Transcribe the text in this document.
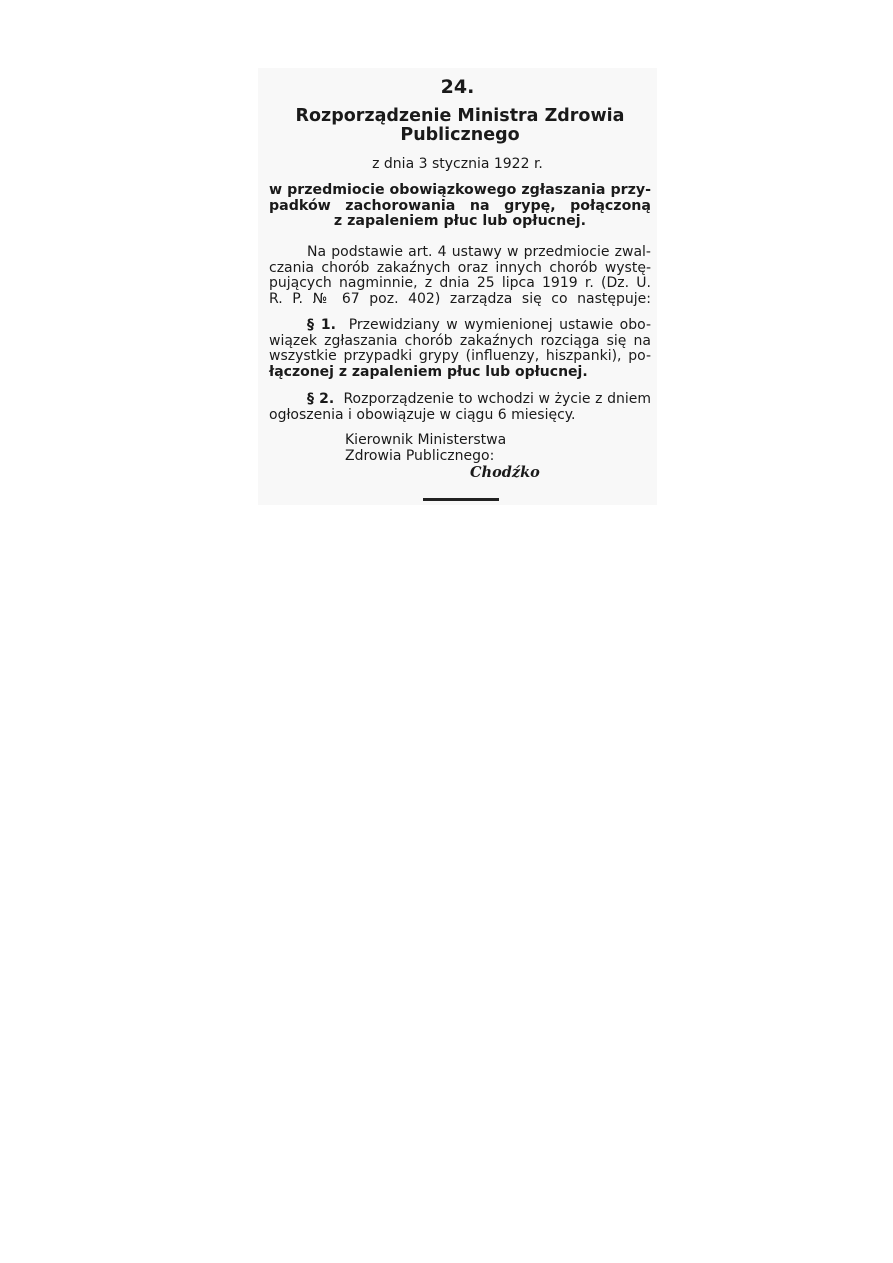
24.
Rozporządzenie Ministra Zdrowia
Publicznego
z dnia 3 stycznia 1922 r.
w przedmiocie obowiązkowego zgłaszania przy-
padków zachorowania na grypę, połączoną
z zapaleniem płuc lub opłucnej.
Na podstawie art. 4 ustawy w przedmiocie zwal-
czania chorób zakaźnych oraz innych chorób wystę-
pujących nagminnie, z dnia 25 lipca 1919 r. (Dz. U.
R. P. № 67 poz. 402) zarządza się co następuje:
§ 1. Przewidziany w wymienionej ustawie obo-
wiązek zgłaszania chorób zakaźnych rozciąga się na
wszystkie przypadki grypy (influenzy, hiszpanki), po-
łączonej z zapaleniem płuc lub opłucnej.
§ 2. Rozporządzenie to wchodzi w życie z dniem
ogłoszenia i obowiązuje w ciągu 6 miesięcy.
Kierownik Ministerstwa
Zdrowia Publicznego:
Chodźko
